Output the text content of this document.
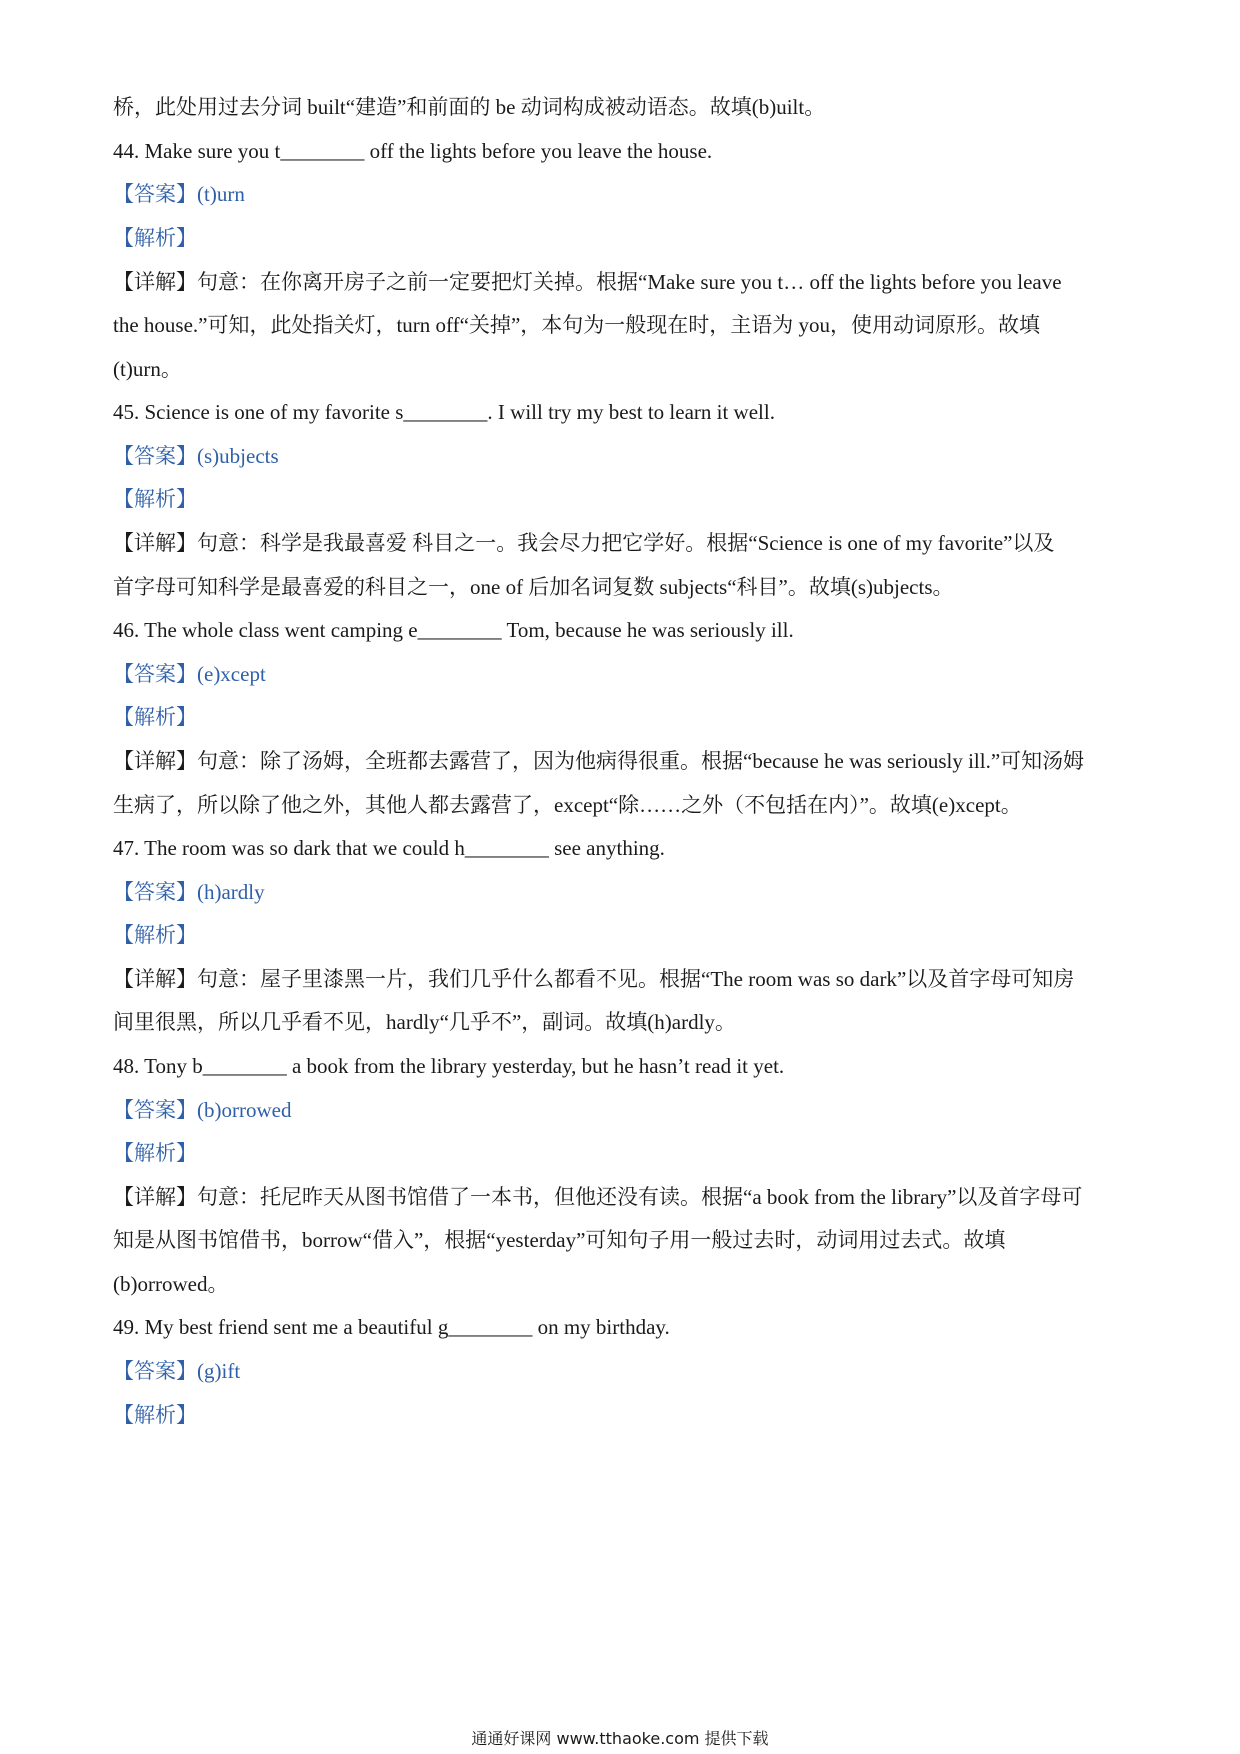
桥，此处用过去分词 built“建造”和前面的 be 动词构成被动语态。故填(b)uilt。
44. Make sure you t________ off the lights before you leave the house.
【答案】(t)urn
【解析】
【详解】句意：在你离开房子之前一定要把灯关掉。根据“Make sure you t… off the lights before you leave
the house.”可知，此处指关灯，turn off“关掉”，本句为一般现在时，主语为 you，使用动词原形。故填
(t)urn。
45. Science is one of my favorite s________. I will try my best to learn it well.
【答案】(s)ubjects
【解析】
【详解】句意：科学是我最喜爱 科目之一。我会尽力把它学好。根据“Science is one of my favorite”以及
首字母可知科学是最喜爱的科目之一，one of 后加名词复数 subjects“科目”。故填(s)ubjects。
46. The whole class went camping e________ Tom, because he was seriously ill.
【答案】(e)xcept
【解析】
【详解】句意：除了汤姆，全班都去露营了，因为他病得很重。根据“because he was seriously ill.”可知汤姆
生病了，所以除了他之外，其他人都去露营了，except“除……之外（不包括在内）”。故填(e)xcept。
47. The room was so dark that we could h________ see anything.
【答案】(h)ardly
【解析】
【详解】句意：屋子里漆黑一片，我们几乎什么都看不见。根据“The room was so dark”以及首字母可知房
间里很黑，所以几乎看不见，hardly“几乎不”，副词。故填(h)ardly。
48. Tony b________ a book from the library yesterday, but he hasn’t read it yet.
【答案】(b)orrowed
【解析】
【详解】句意：托尼昨天从图书馆借了一本书，但他还没有读。根据“a book from the library”以及首字母可
知是从图书馆借书，borrow“借入”，根据“yesterday”可知句子用一般过去时，动词用过去式。故填
(b)orrowed。
49. My best friend sent me a beautiful g________ on my birthday.
【答案】(g)ift
【解析】
通通好课网 www.tthaoke.com 提供下载
